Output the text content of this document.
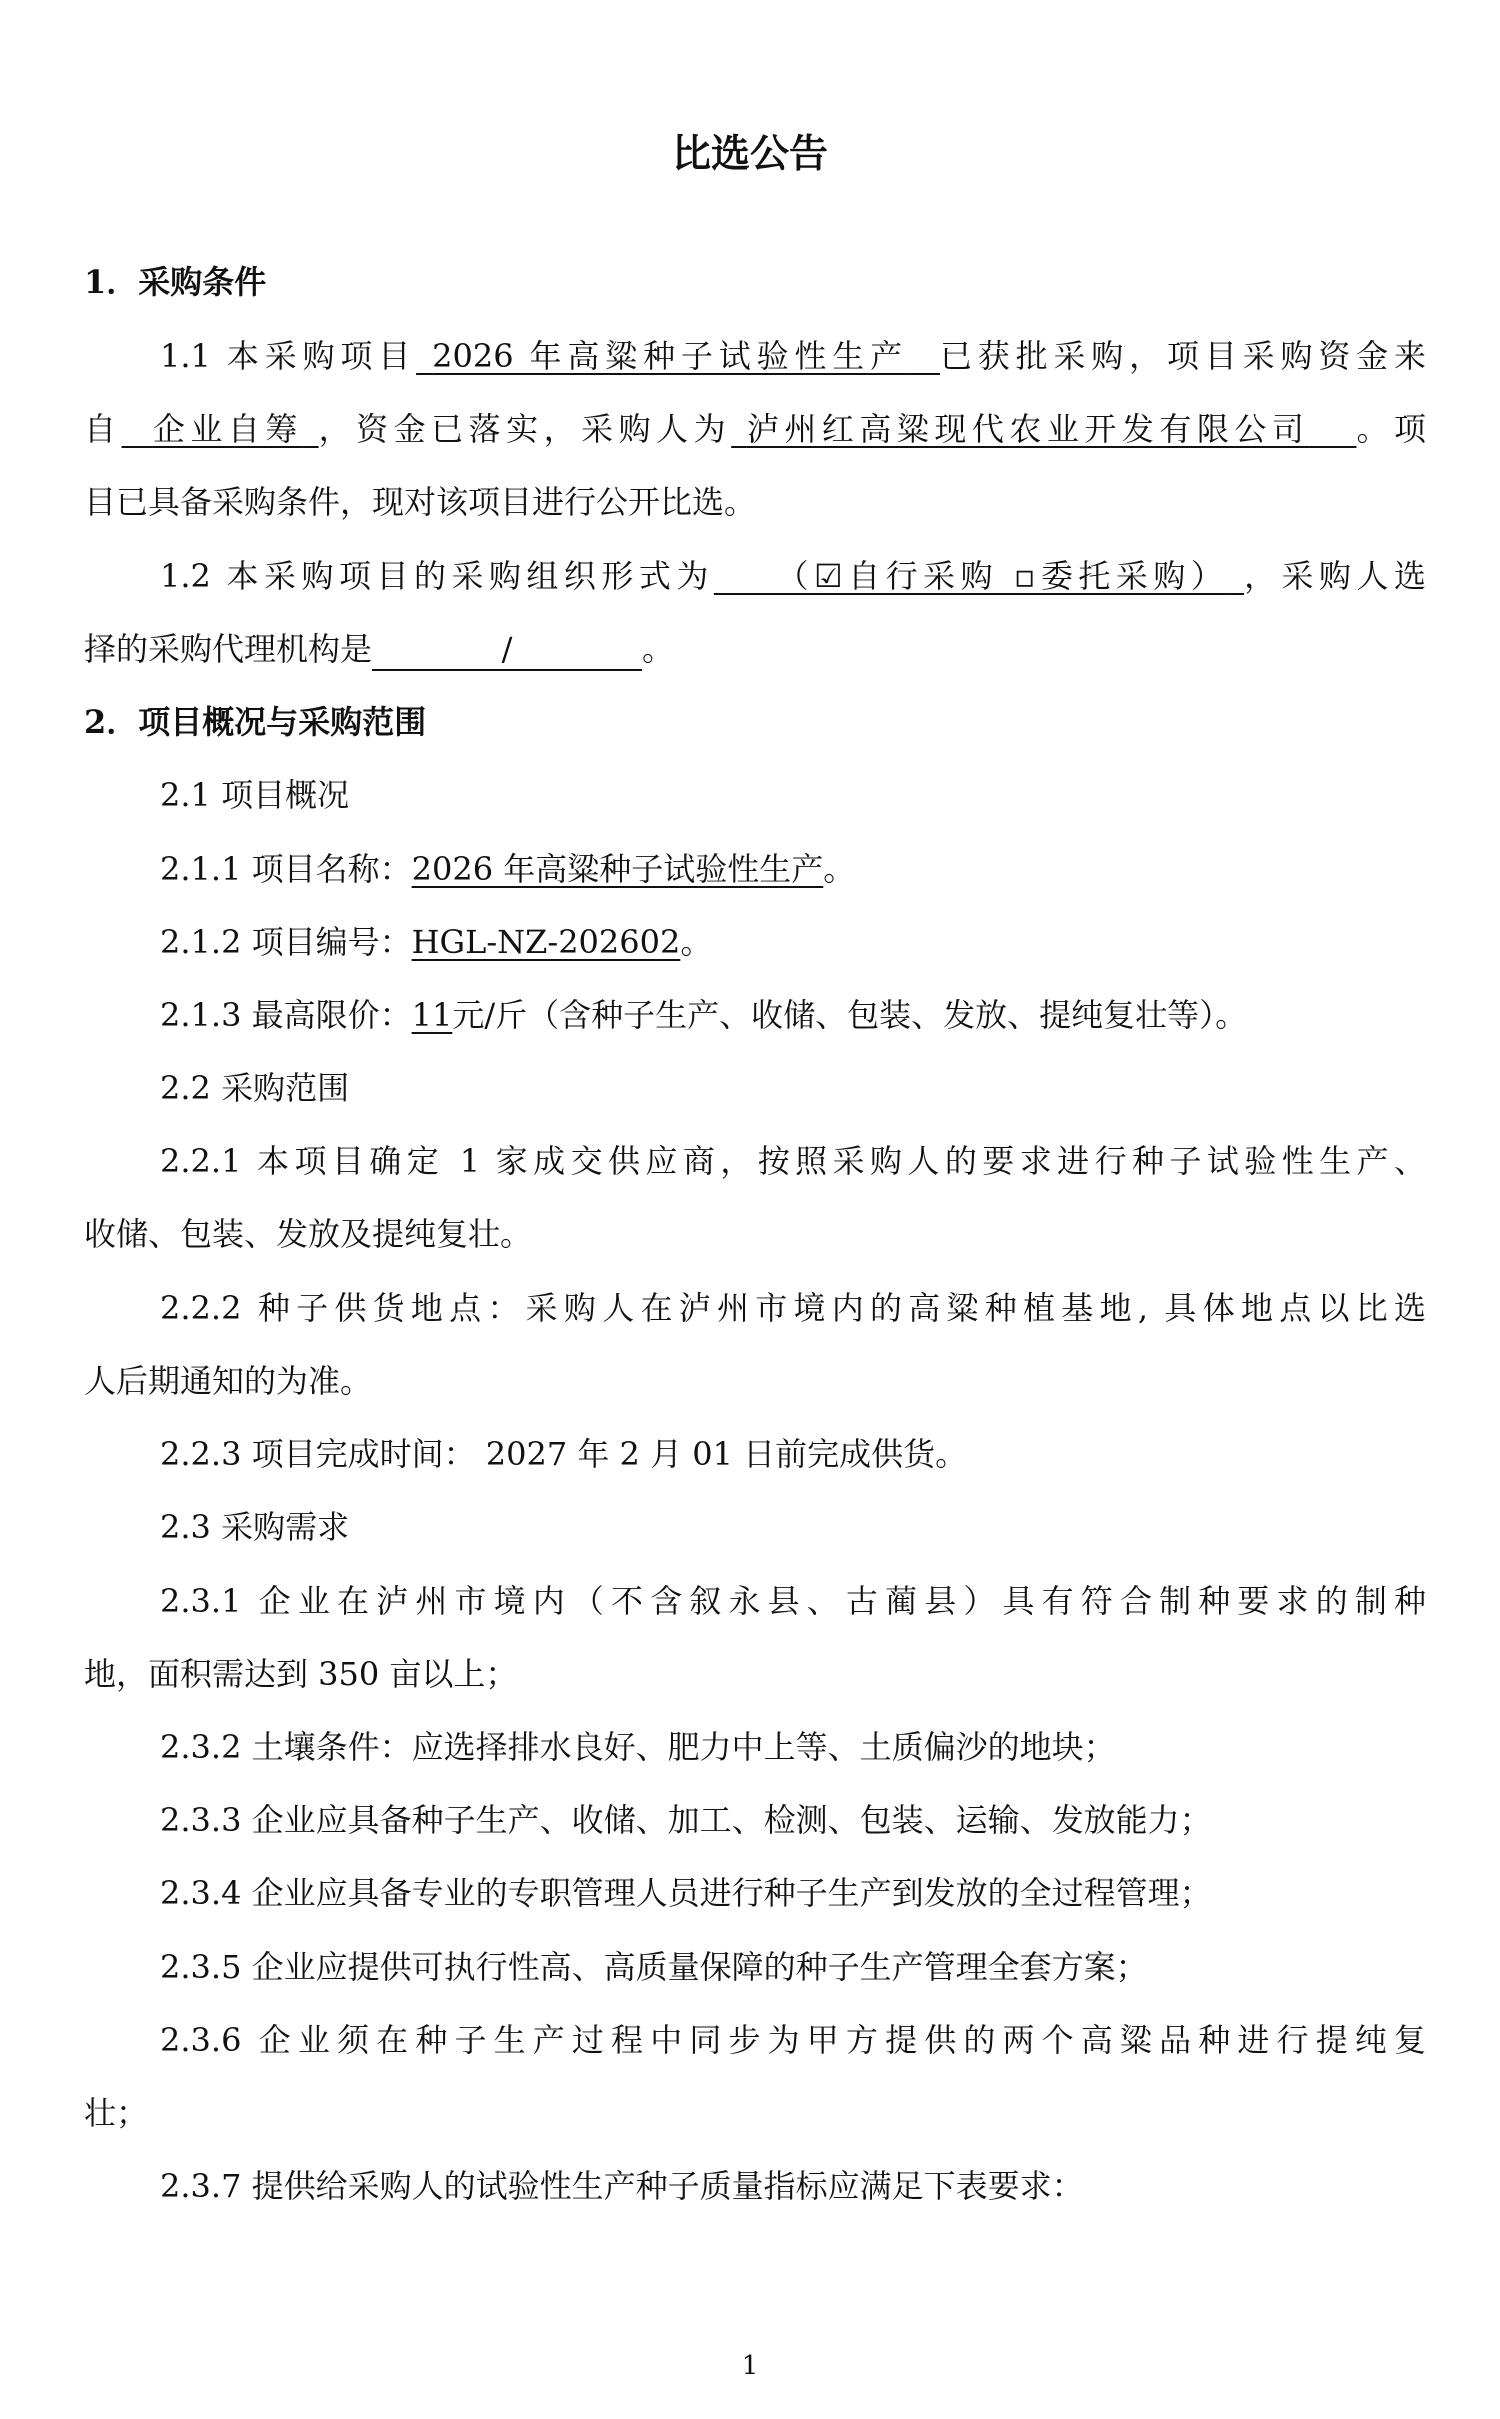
比选公告
1．采购条件
1.1 本采购项目 2026 年高粱种子试验性生产 已获批采购，项目采购资金来
自 企业自筹 ，资金已落实，采购人为 泸州红高粱现代农业开发有限公司 。项
目已具备采购条件，现对该项目进行公开比选。
1.2 本采购项目的采购组织形式为 （☑自行采购 ▫委托采购） ，采购人选
择的采购代理机构是	/	。
2．项目概况与采购范围
2.1 项目概况
2.1.1 项目名称：2026 年高粱种子试验性生产。
2.1.2 项目编号：HGL-NZ-202602。
2.1.3 最高限价：11元/斤（含种子生产、收储、包装、发放、提纯复壮等）。
2.2 采购范围
2.2.1 本项目确定 1 家成交供应商，按照采购人的要求进行种子试验性生产、
收储、包装、发放及提纯复壮。
2.2.2 种子供货地点：采购人在泸州市境内的高粱种植基地, 具体地点以比选
人后期通知的为准。
2.2.3 项目完成时间： 2027 年 2 月 01 日前完成供货。
2.3 采购需求
2.3.1 企业在泸州市境内（不含叙永县、古蔺县）具有符合制种要求的制种
地，面积需达到 350 亩以上；
2.3.2 土壤条件：应选择排水良好、肥力中上等、土质偏沙的地块；
2.3.3 企业应具备种子生产、收储、加工、检测、包装、运输、发放能力；
2.3.4 企业应具备专业的专职管理人员进行种子生产到发放的全过程管理；
2.3.5 企业应提供可执行性高、高质量保障的种子生产管理全套方案；
2.3.6 企业须在种子生产过程中同步为甲方提供的两个高粱品种进行提纯复
壮；
2.3.7 提供给采购人的试验性生产种子质量指标应满足下表要求：
1
